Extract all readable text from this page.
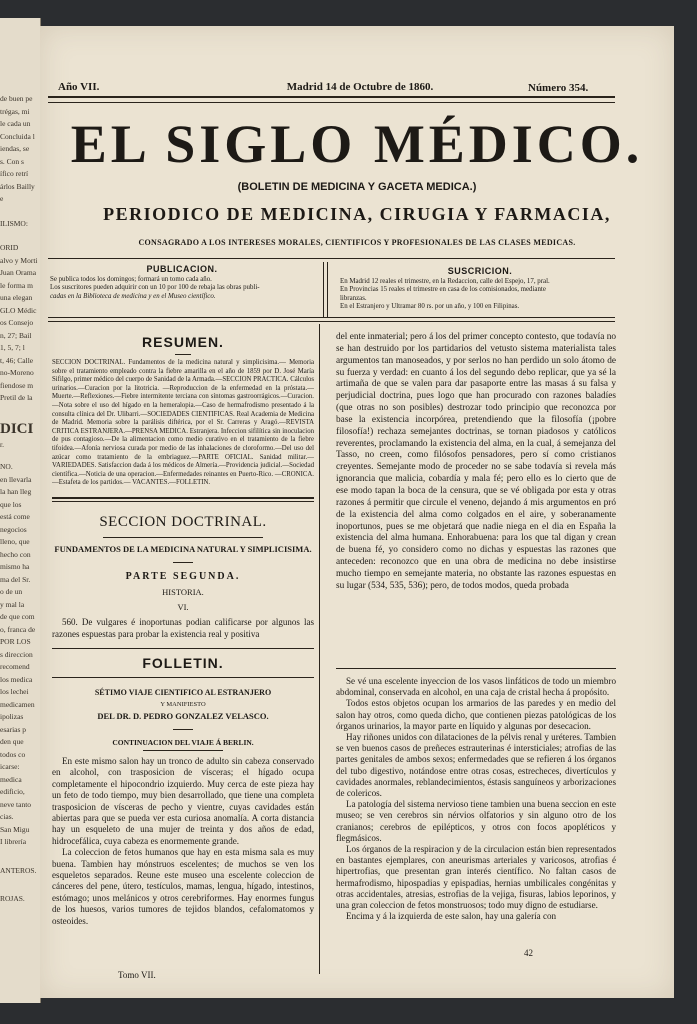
de buen pe
trégas, mi
le cada un
Concluida l
iendas, se
s. Con s
ífico retrí
árlos Bailly
e
ILISMO:
ORID
alvo y Morti
Juan Orama
le forma m
una elegan
GLO Médic
os Consejo
n, 27; Bail
1, 5, 7; l
t, 46; Calle
no-Moreno
fiendose m
Pretil de la
DICI
r.
NO.
en llevarla
la han lleg
que los
está come
negocios
lleno, que
hecho con
mismo ha
ma del Sr.
o de un
y mal la
de que com
o, franca de
POR LOS
s direccion
recomend
los medica
los lechei
medicamen
ipolizas
esarias p
den que
todos co
icarse:
medica
edificio,
neve tanto
cias.
San Migu
I librería
ANTEROS.
ROJAS.
Año VII.	Madrid 14 de Octubre de 1860.	Número 354.
EL SIGLO MÉDICO.
(BOLETIN DE MEDICINA Y GACETA MEDICA.)
PERIODICO DE MEDICINA, CIRUGIA Y FARMACIA,
CONSAGRADO A LOS INTERESES MORALES, CIENTIFICOS Y PROFESIONALES DE LAS CLASES MEDICAS.
PUBLICACION.
Se publica todos los domingos; formará un tomo cada año.
Los suscritores pueden adquirir con un 10 por 100 de rebaja las obras publi-
cadas en la Biblioteca de medicina y en el Museo científico.
SUSCRICION.
En Madrid 12 reales el trimestre, en la Redaccion, calle del Espejo, 17, pral.
En Provincias 15 reales el trimestre en casa de los comisionados, mediante
libranzas.
En el Estranjero y Ultramar 80 rs. por un año, y 100 en Filipinas.
RESUMEN.
SECCION DOCTRINAL. Fundamentos de la medicina natural y simplicisima.— Memoria sobre el tratamiento empleado contra la fiebre amarilla en el año de 1859 por D. José María Sifilgo, primer médico del cuerpo de Sanidad de la Armada.—SECCION PRACTICA. Cálculos urinarios.—Curacion por la litotricia. —Reproduccion de la enfermedad en la próstata.—Muerte.—Reflexiones.—Fiebre intermitente terciana con síntomas gastroorrágicos.—Curacion.—Nota sobre el uso del hígado en la hemeralopia.—Caso de hermafrodismo presentado á la consulta clínica del Dr. Ulibarri.—SOCIEDADES CIENTIFICAS. Real Academia de Medicina de Madrid. Memoria sobre la parálisis diftérica, por el Sr. Carreras y Aragó.—REVISTA CRITICA ESTRANJERA.—PRENSA MEDICA. Estranjera. Infeccion sifilítica sin inoculacion de pus contagioso.—De la alimentacion como medio curativo en el tratamiento de la fiebre tifoidea.—Afonía nerviosa curada por medio de las inhalaciones de cloroformo.—Del uso del azúcar como tratamiento de la embriaguez.—PARTE OFICIAL. Sanidad militar.—VARIEDADES. Satisfaccion dada á los médicos de Almería.—Providencia judicial.—Sociedad científica.—Noticia de una operacion.—Enfermedades reinantes en Puerto-Rico. —CRONICA.—Estafeta de los partidos.— VACANTES.—FOLLETIN.
SECCION DOCTRINAL.
FUNDAMENTOS DE LA MEDICINA NATURAL Y SIMPLICISIMA.
PARTE SEGUNDA.
HISTORIA.
VI.
560. De vulgares é inoportunas podian calificarse por algunos las razones espuestas para probar la existencia real y positiva
FOLLETIN.
SÉTIMO VIAJE CIENTIFICO AL ESTRANJERO
Y MANIFIESTO
DEL DR. D. PEDRO GONZALEZ VELASCO.
CONTINUACION DEL VIAJE Á BERLIN.

En este mismo salon hay un tronco de adulto sin cabeza conservado en alcohol, con trasposicion de vísceras; el hígado ocupa completamente el hipocondrio izquierdo. Muy cerca de este pieza hay un feto de todo tiempo, muy bien desarrollado, que tiene una completa trasposicion de vísceras de pecho y vientre, cuyas cavidades están abiertas para que se pueda ver esta curiosa anomalía. A corta distancia hay un esqueleto de una mujer de treinta y dos años de edad, hidrocefálica, cuya cabeza es enormemente grande.

La coleccion de fetos humanos que hay en esta misma sala es muy buena. Tambien hay mónstruos escelentes; de muchos se ven los esqueletos separados. Reune este museo una escelente coleccion de cánceres del pene, útero, testículos, mamas, lengua, hígado, intestinos, estómago; unos melánicos y otros cerebriformes. Hay enormes fungus de los huesos, varios tumores de tejidos blandos, cefalomatomos y osteoides.

Tomo VII.
del ente inmaterial; pero á los del primer concepto contesto, que todavía no se han destruido por los partidarios del vetusto sistema materialista tales argumentos tan manoseados, y por serlos no han perdido un solo átomo de su fuerza y verdad: en cuanto á los del segundo debo replicar, que ya sé la artimaña de que se valen para dar pasaporte entre las masas á su falsa y perjudicial doctrina, pues logo que han procurado con razones baladíes (que otras no son posibles) destrozar todo principio que reconozca por base la existencia incorpórea, pretendiendo que la filosofía (¡pobre filosofía!) rechaza semejantes doctrinas, se tornan piadosos y católicos reverentes, proclamando la existencia del alma, en la cual, á semejanza del Tasso, no creen, como filósofos pensadores, pero sí como cristianos creyentes. Semejante modo de proceder no se sabe todavía si revela más ignorancia que malicia, cobardía y mala fé; pero ello es lo cierto que de ese modo tapan la boca de la censura, que se vé obligada por esta y otras razones á permitir que circule el veneno, dejando á mis argumentos en pró de la existencia del alma como colgados en el aire, y soberanamente inoportunos, pues se me objetará que nadie niega en el dia en España la existencia del alma humana. Enhorabuena: para los que tal digan y crean de buena fé, yo considero como no dichas y espuestas las razones que anteceden: reconozco que en una obra de medicina no debe insistirse mucho tiempo en semejante materia, no obstante las razones espuestas en su lugar (534, 535, 536); pero, de todos modos, queda probada

Se vé una escelente inyeccion de los vasos linfáticos de todo un miembro abdominal, conservada en alcohol, en una caja de cristal hecha á propósito.

Todos estos objetos ocupan los armarios de las paredes y en medio del salon hay otros, como queda dicho, que contienen piezas patológicas de los órganos urinarios, la mayor parte en líquido y algunas por desecacion.

Hay riñones unidos con dilataciones de la pélvis renal y uréteres. Tambien se ven buenos casos de preñeces estrauterinas é intersticiales; atrofias de las partes genitales de ambos sexos; enfermedades que se refieren á los órganos del tubo digestivo, notándose entre otras cosas, estrecheces, divertículos y cavidades anormales, reblandecimientos, éstasis sanguíneos y arborizaciones de colericos.

La patología del sistema nervioso tiene tambien una buena seccion en este museo; se ven cerebros sin nérvios olfatorios y sin alguno otro de los cranianos; cerebros de epilépticos, y otros con focos apopléticos y flegmásicos.

Los órganos de la respiracion y de la circulacion están bien representados en bastantes ejemplares, con aneurismas arteriales y varicosos, atrofias é hipertrofias, que presentan gran interés científico. No faltan casos de hermafrodismo, hipospadias y epispadias, hernias umbilicales congénitas y otras accidentales, atresias, estrofias de la vejiga, fisuras, labios leporinos, y una gran coleccion de fetos monstruosos; todo muy digno de estudiarse.

Encima y á la izquierda de este salon, hay una galería con

42
